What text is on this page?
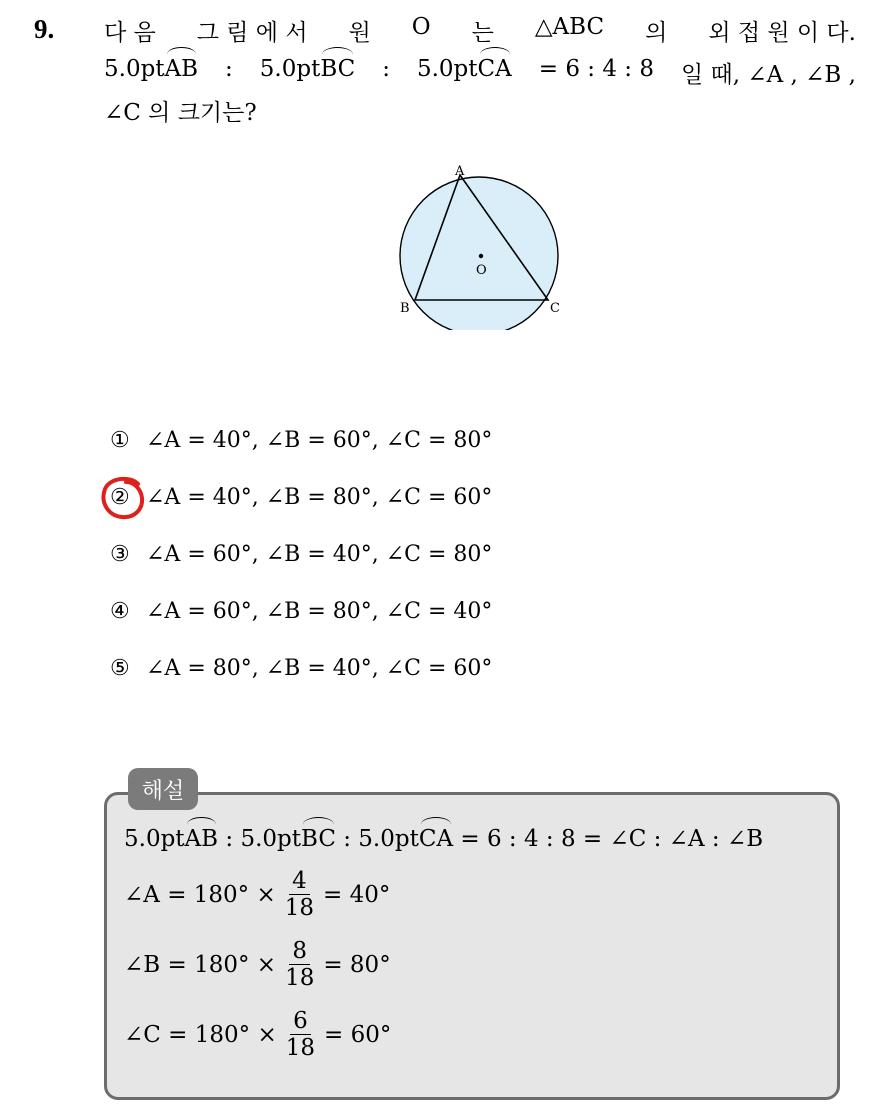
9. 다 음 그 림 에 서 원 O 는 △ABC 의 외 접 원 이 다.
5.0ptAB : 5.0ptBC : 5.0ptCA = 6 : 4 : 8 일 때, ∠A , ∠B ,
∠C 의 크기는?
A
B	C
O
① ∠A = 40°, ∠B = 60°, ∠C = 80°
② ∠A = 40°, ∠B = 80°, ∠C = 60°
③ ∠A = 60°, ∠B = 40°, ∠C = 80°
④ ∠A = 60°, ∠B = 80°, ∠C = 40°
⑤ ∠A = 80°, ∠B = 40°, ∠C = 60°
해설
5.0ptAB : 5.0ptBC : 5.0ptCA = 6 : 4 : 8 = ∠C : ∠A : ∠B
∠A = $180^\circ \times \frac{4}{18} = 40^\circ$
∠B = $180^\circ \times \frac{8}{18} = 80^\circ$
∠C = $180^\circ \times \frac{6}{18} = 60^\circ$
